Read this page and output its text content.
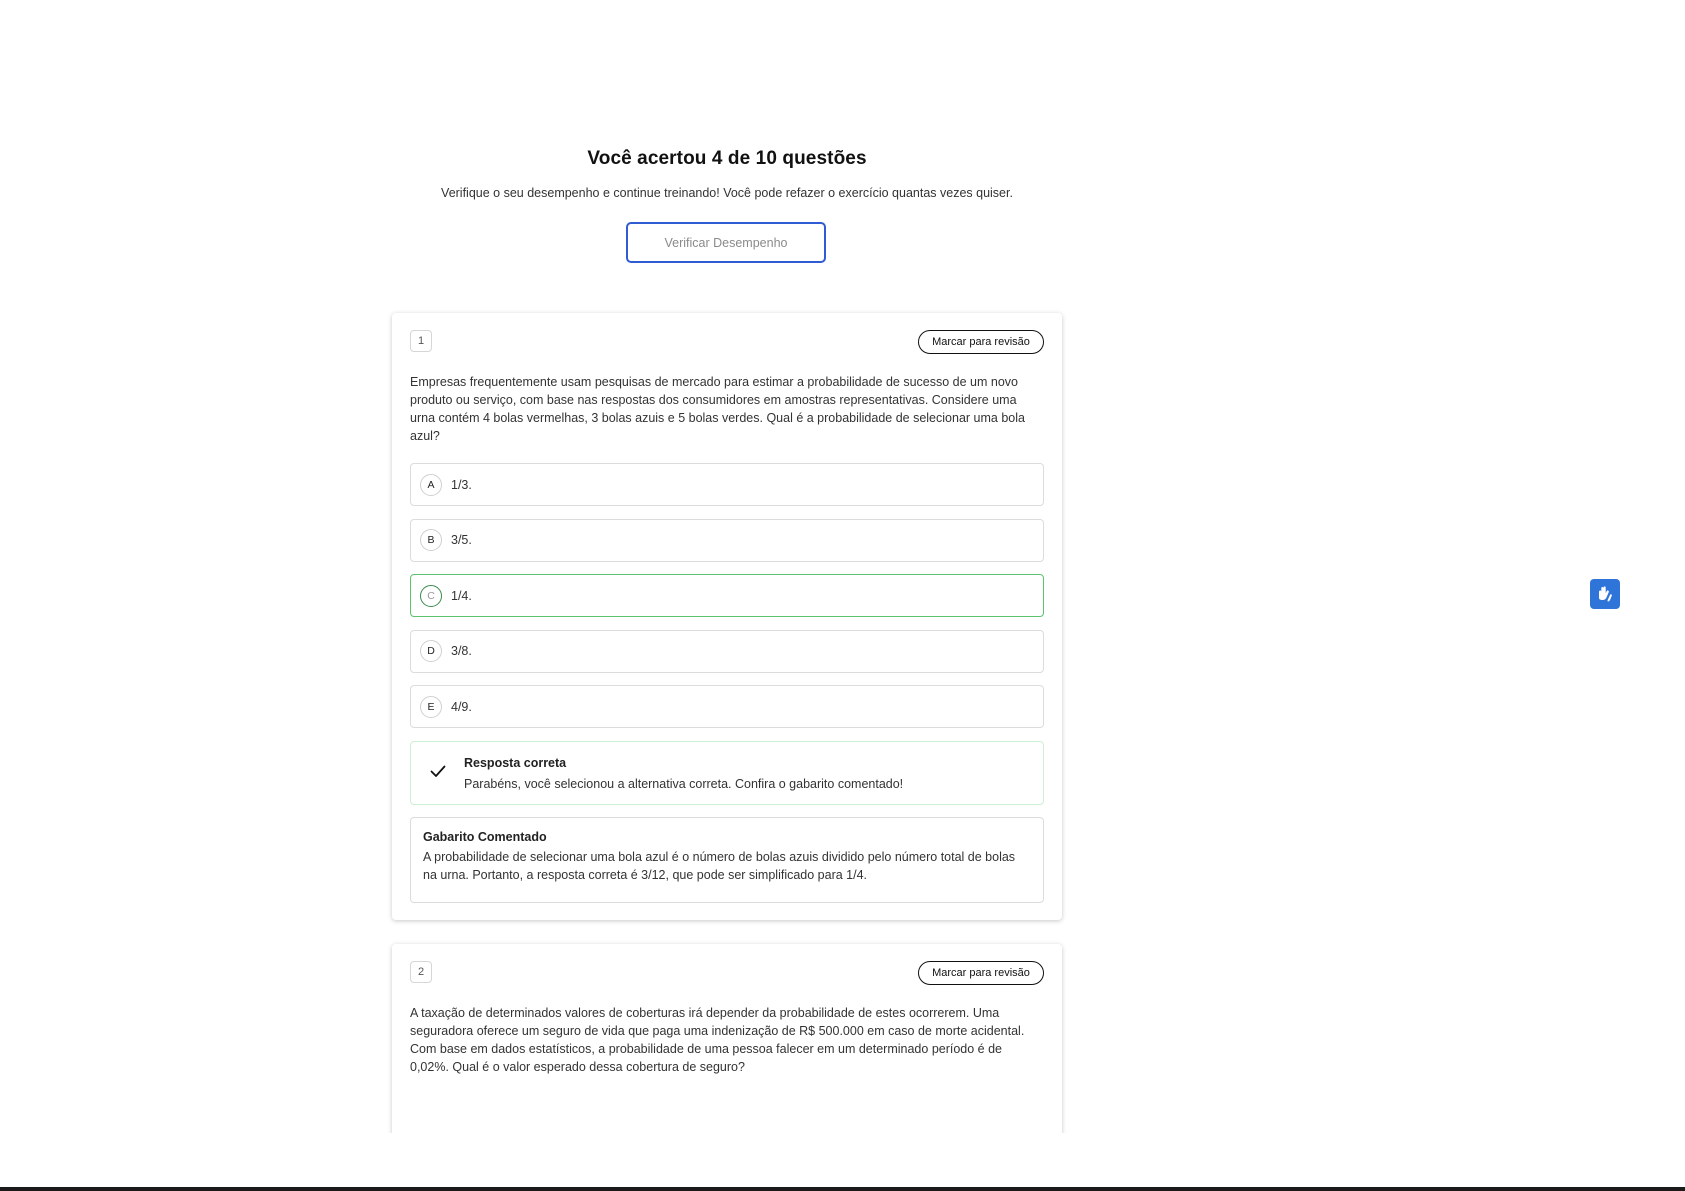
Você acertou 4 de 10 questões

Verifique o seu desempenho e continue treinando! Você pode refazer o exercício quantas vezes quiser.

Verificar Desempenho
1	Marcar para revisão

Empresas frequentemente usam pesquisas de mercado para estimar a probabilidade de sucesso de um novo produto ou serviço, com base nas respostas dos consumidores em amostras representativas. Considere uma urna contém 4 bolas vermelhas, 3 bolas azuis e 5 bolas verdes. Qual é a probabilidade de selecionar uma bola azul?

A	1/3.
B	3/5.
C	1/4.
D	3/8.
E	4/9.
Resposta correta
Parabéns, você selecionou a alternativa correta. Confira o gabarito comentado!

Gabarito Comentado

A probabilidade de selecionar uma bola azul é o número de bolas azuis dividido pelo número total de bolas na urna. Portanto, a resposta correta é 3/12, que pode ser simplificado para 1/4.

2	Marcar para revisão

A taxação de determinados valores de coberturas irá depender da probabilidade de estes ocorrerem. Uma seguradora oferece um seguro de vida que paga uma indenização de R$ 500.000 em caso de morte acidental. Com base em dados estatísticos, a probabilidade de uma pessoa falecer em um determinado período é de 0,02%. Qual é o valor esperado dessa cobertura de seguro?
